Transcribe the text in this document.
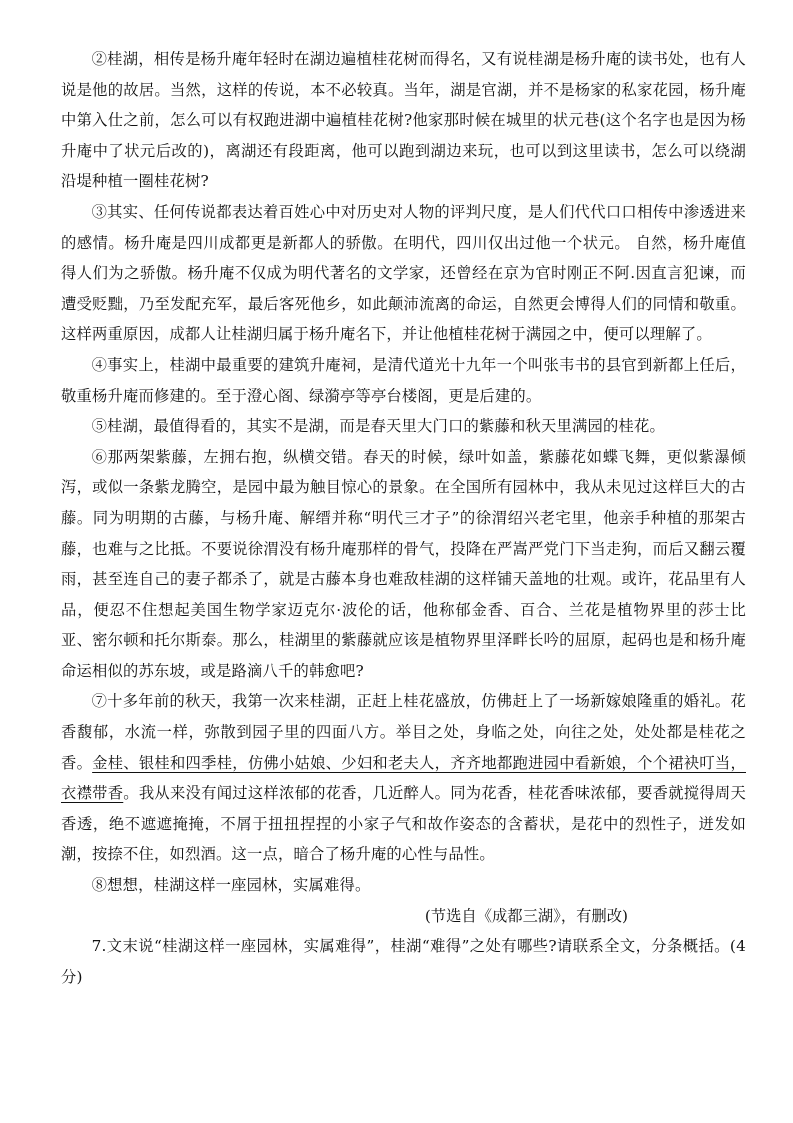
②桂湖，相传是杨升庵年轻时在湖边遍植桂花树而得名，又有说桂湖是杨升庵的读书处，也有人说是他的故居。当然，这样的传说，本不必较真。当年，湖是官湖，并不是杨家的私家花园，杨升庵中第入仕之前，怎么可以有权跑进湖中遍植桂花树?他家那时候在城里的状元巷(这个名字也是因为杨升庵中了状元后改的)，离湖还有段距离，他可以跑到湖边来玩，也可以到这里读书，怎么可以绕湖沿堤种植一圈桂花树?

③其实、任何传说都表达着百姓心中对历史对人物的评判尺度，是人们代代口口相传中渗透进来的感情。杨升庵是四川成都更是新都人的骄傲。在明代，四川仅出过他一个状元。 自然，杨升庵值得人们为之骄傲。杨升庵不仅成为明代著名的文学家，还曾经在京为官时刚正不阿.因直言犯谏，而遭受贬黜，乃至发配充军，最后客死他乡，如此颠沛流离的命运，自然更会博得人们的同情和敬重。这样两重原因，成都人让桂湖归属于杨升庵名下，并让他植桂花树于满园之中，便可以理解了。

④事实上，桂湖中最重要的建筑升庵祠，是清代道光十九年一个叫张韦书的县官到新都上任后，敬重杨升庵而修建的。至于澄心阁、绿漪亭等亭台楼阁，更是后建的。

⑤桂湖，最值得看的，其实不是湖，而是春天里大门口的紫藤和秋天里满园的桂花。

⑥那两架紫藤，左拥右抱，纵横交错。春天的时候，绿叶如盖，紫藤花如蝶飞舞，更似紫瀑倾泻，或似一条紫龙腾空，是园中最为触目惊心的景象。在全国所有园林中，我从未见过这样巨大的古藤。同为明期的古藤，与杨升庵、解缙并称“明代三才子”的徐渭绍兴老宅里，他亲手种植的那架古藤，也难与之比抵。不要说徐渭没有杨升庵那样的骨气，投降在严嵩严党门下当走狗，而后又翻云覆雨，甚至连自己的妻子都杀了，就是古藤本身也难敌桂湖的这样铺天盖地的壮观。或许，花品里有人品，便忍不住想起美国生物学家迈克尔·波伦的话，他称郁金香、百合、兰花是植物界里的莎士比亚、密尔顿和托尔斯泰。那么，桂湖里的紫藤就应该是植物界里泽畔长吟的屈原，起码也是和杨升庵命运相似的苏东坡，或是路滴八千的韩愈吧?

⑦十多年前的秋天，我第一次来桂湖，正赶上桂花盛放，仿佛赶上了一场新嫁娘隆重的婚礼。花香馥郁，水流一样，弥散到园子里的四面八方。举目之处，身临之处，向往之处，处处都是桂花之香。金桂、银桂和四季桂，仿佛小姑娘、少妇和老夫人，齐齐地都跑进园中看新娘，个个裙袂叮当，衣襟带香。我从来没有闻过这样浓郁的花香，几近醉人。同为花香，桂花香味浓郁，要香就搅得周天香透，绝不遮遮掩掩，不屑于扭扭捏捏的小家子气和故作姿态的含蓄状，是花中的烈性子，迸发如潮，按捺不住，如烈酒。这一点，暗合了杨升庵的心性与品性。

⑧想想，桂湖这样一座园林，实属难得。

(节选自《成都三湖》，有删改)

7.文末说“桂湖这样一座园林，实属难得”，桂湖“难得”之处有哪些?请联系全文，分条概括。(4分)
